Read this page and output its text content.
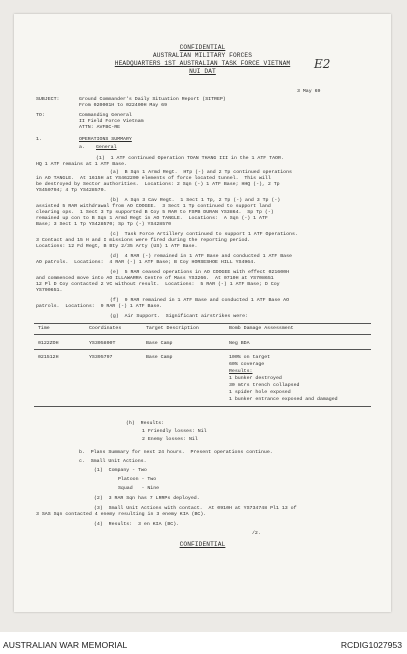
CONFIDENTIAL
AUSTRALIAN MILITARY FORCES
HEADQUARTERS 1ST AUSTRALIAN TASK FORCE VIETNAM
NUI DAT
E2
3 May 69
SUBJECT:	Ground Commander's Daily Situation Report (SITREP)
From 020001H to 022400H May 69
TO:	Commanding General
II Field Force Vietnam
ATTN: AVFBC-RE
1.	OPERATIONS SUMMARY
a. General
(1)  1 ATF continued Operation TOAN THANG III in the 1 ATF TAOR.
HQ 1 ATF remains at 1 ATF Base.
(a)  B Sqn 1 Armd Regt.  HTp (-) and 2 Tp continued operations
in AO TANGLE.  At 1615H at YS462200 elements of force located tunnel.  This will
be destroyed by Sector authorities.  Locations: 2 Sqn (-) 1 ATF Base; HHQ (-), 2 Tp
YS450794; 4 Tp YS428570.
(b)  A Sqn 3 Cav Regt.  1 Sect 1 Tp, 2 Tp (-) and 3 Tp (-)
assisted 5 RAR withdrawal from AO COOGEE.  3 Sect 1 Tp continued to support land
clearing ops.  1 Sect 3 Tp supported B Coy 5 RAR to FSPB DURAN YS3864.  Sp Tp (-)
remained up con to B Sqn 1 Armd Regt in AO TANGLE.  Locations:  A Sqn (-) 1 ATF
Base; 3 Sect 1 Tp YS428570; Sp Tp (-) YS428570
(c)  Task Force Artillery continued to support 1 ATF Operations.
3 Contact and 15 H and I missions were fired during the reporting period.
Locations: 12 Fd Regt, B Bty 2/35 Arty (US) 1 ATF Base.
(d)  4 RAR (-) remained in 1 ATF Base and conducted 1 ATF Base
AO patrols.  Locations:  4 RAR (-) 1 ATF Base; B Coy HORSESHOE HILL YS4964.
(e)  5 RAR ceased operations in AO COOGEE with effect 021600H
and commenced move into AO ILLAWARRA Centre of Mass YS3266.  At 0710H at YS708651
12 Pl D Coy contacted 2 VC without result.  Locations:  5 RAR (-) 1 ATF Base; D Coy
YS700651.
(f)  9 RAR remained in 1 ATF Base and conducted 1 ATF Base AO
patrols.  Locations:  9 RAR (-) 1 ATF Base.
(g)  Air Support.  Significant airstrikes were:
Time	Coordinates	Target Description	Bomb Damage Assessment
0122ZOH	YS305800T	Base Camp	Neg BDA
021512H	YS395797	Base Camp	100% on target
60% coverage
Results:
1 bunker destroyed
30 mtrs trench collapsed
1 spider hole exposed
1 bunker entrance exposed and damaged
(h)  Results:
1 Friendly losses: Nil
2 Enemy losses: Nil
b.  Plans Summary for next 24 hours.  Present operations continue.
c.  Small Unit Actions.
(1)  Company - Two
Platoon - Two
Squad   - Nine
(2)  3 RAR Sqn has 7 LRRPs deployed.
(3)  Small Unit Actions with contact.  At 0910H at YS734748 Pl1 13 of
3 SAS Sqn contacted 4 enemy resulting in 3 enemy KIA (BC).
(4)  Results:  3 en KIA (BC).
/2.
CONFIDENTIAL
AUSTRALIAN WAR MEMORIAL	RCDIG1027953
